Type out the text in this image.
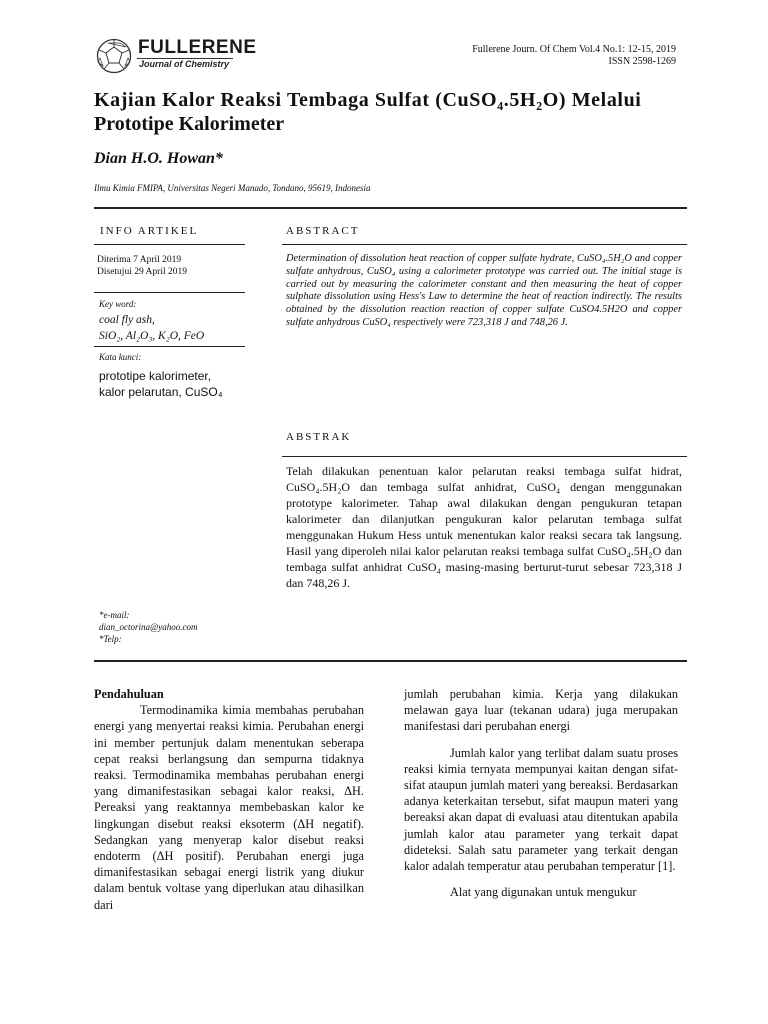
FULLERENE
Journal of Chemistry
Fullerene Journ. Of Chem Vol.4 No.1: 12-15, 2019
ISSN 2598-1269
Kajian Kalor Reaksi Tembaga Sulfat (CuSO₄.5H₂O) Melalui
Prototipe Kalorimeter
Dian H.O. Howan*
Ilmu Kimia FMIPA, Universitas Negeri Manado, Tondano, 95619, Indonesia
INFO ARTIKEL
Diterima 7 April 2019
Disetujui 29 April 2019
Key word:
coal fly ash,
SiO₂, Al₂O₃, K₂O, FeO
Kata kunci:
prototipe kalorimeter,
kalor pelarutan, CuSO₄
*e-mail:
dian_octorina@yahoo.com
*Telp:
ABSTRACT
Determination of dissolution heat reaction of copper sulfate hydrate, CuSO₄.5H₂O and copper sulfate anhydrous, CuSO₄ using a calorimeter prototype was carried out. The initial stage is carried out by measuring the calorimeter constant and then measuring the heat of copper sulphate dissolution using Hess's Law to determine the heat of reaction indirectly. The results obtained by the dissolution reaction reaction of copper sulfate CuSO4.5H2O and copper sulfate anhydrous CuSO₄ respectively were 723,318 J and 748,26 J.
ABSTRAK
Telah dilakukan penentuan kalor pelarutan reaksi tembaga sulfat hidrat, CuSO₄.5H₂O dan tembaga sulfat anhidrat, CuSO₄ dengan menggunakan prototype kalorimeter. Tahap awal dilakukan dengan pengukuran tetapan kalorimeter dan dilanjutkan pengukuran kalor pelarutan tembaga sulfat menggunakan Hukum Hess untuk menentukan kalor reaksi secara tak langsung. Hasil yang diperoleh nilai kalor pelarutan reaksi tembaga sulfat CuSO₄.5H₂O dan tembaga sulfat anhidrat CuSO₄ masing-masing berturut-turut sebesar 723,318 J dan 748,26 J.

Pendahuluan

Termodinamika kimia membahas perubahan energi yang menyertai reaksi kimia. Perubahan energi ini member pertunjuk dalam menentukan seberapa cepat reaksi berlangsung dan sempurna tidaknya reaksi. Termodinamika membahas perubahan energi yang dimanifestasikan sebagai kalor reaksi, ΔH. Pereaksi yang reaktannya membebaskan kalor ke lingkungan disebut reaksi eksoterm (ΔH negatif). Sedangkan yang menyerap kalor disebut reaksi endoterm (ΔH positif). Perubahan energi juga dimanifestasikan sebagai energi listrik yang diukur dalam bentuk voltase yang diperlukan atau dihasilkan dari

jumlah perubahan kimia. Kerja yang dilakukan melawan gaya luar (tekanan udara) juga merupakan manifestasi dari perubahan energi

Jumlah kalor yang terlibat dalam suatu proses reaksi kimia ternyata mempunyai kaitan dengan sifat-sifat ataupun jumlah materi yang bereaksi. Berdasarkan adanya keterkaitan tersebut, sifat maupun materi yang bereaksi akan dapat di evaluasi atau ditentukan apabila jumlah kalor atau parameter yang terkait dapat dideteksi. Salah satu parameter yang terkait dengan kalor adalah temperatur atau perubahan temperatur [1].

Alat yang digunakan untuk mengukur
